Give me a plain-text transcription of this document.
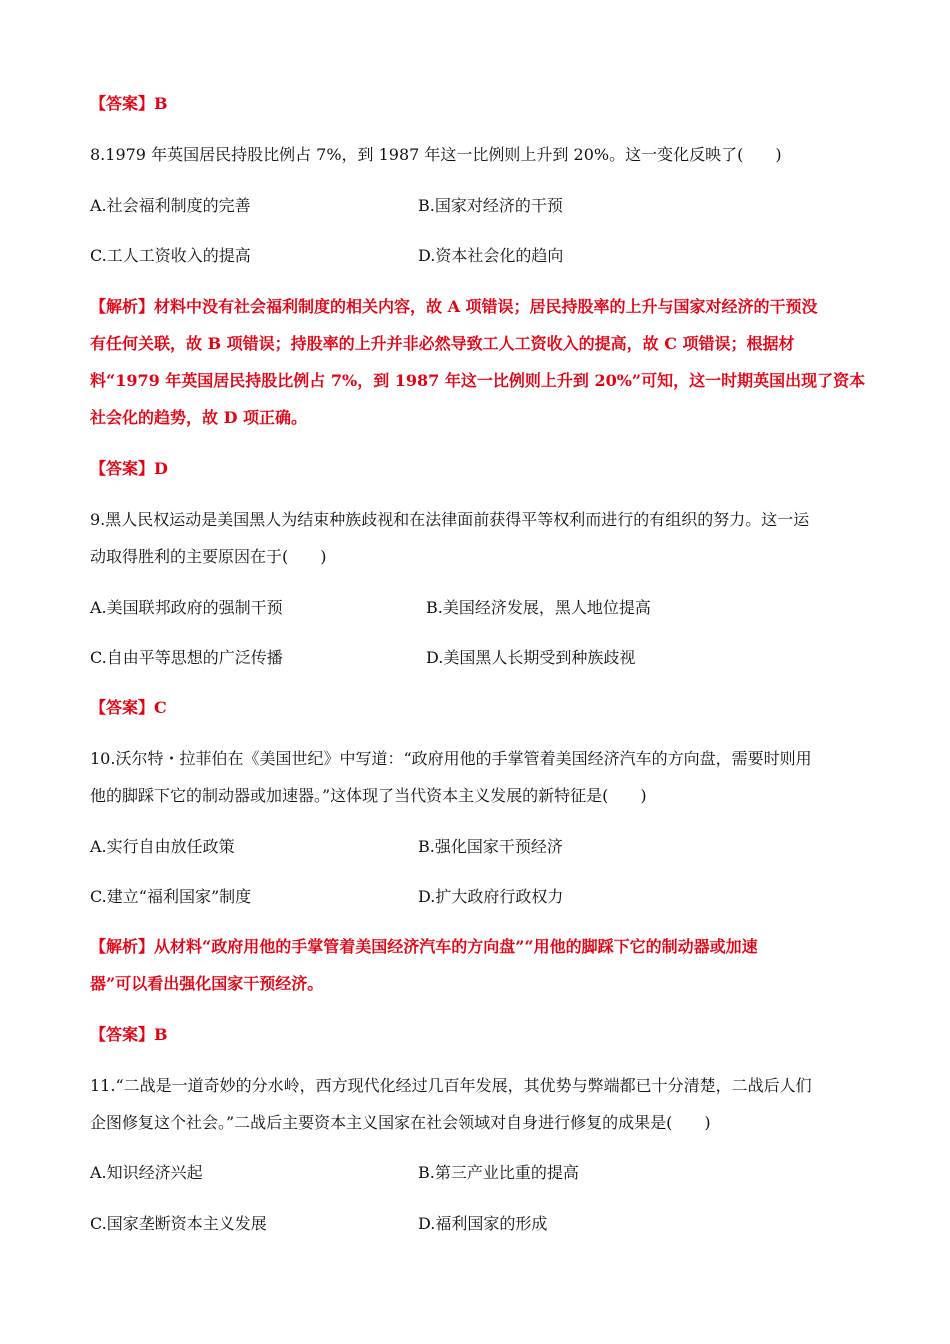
【答案】B
8.1979 年英国居民持股比例占 7%，到 1987 年这一比例则上升到 20%。这一变化反映了(　　)
A.社会福利制度的完善	B.国家对经济的干预
C.工人工资收入的提高	D.资本社会化的趋向
【解析】材料中没有社会福利制度的相关内容，故 A 项错误；居民持股率的上升与国家对经济的干预没
有任何关联，故 B 项错误；持股率的上升并非必然导致工人工资收入的提高，故 C 项错误；根据材
料“1979 年英国居民持股比例占 7%，到 1987 年这一比例则上升到 20%”可知，这一时期英国出现了资本
社会化的趋势，故 D 项正确。
【答案】D
9.黑人民权运动是美国黑人为结束种族歧视和在法律面前获得平等权利而进行的有组织的努力。这一运
动取得胜利的主要原因在于(　　)
A.美国联邦政府的强制干预	B.美国经济发展，黑人地位提高
C.自由平等思想的广泛传播	D.美国黑人长期受到种族歧视
【答案】C
10.沃尔特・拉菲伯在《美国世纪》中写道：“政府用他的手掌管着美国经济汽车的方向盘，需要时则用
他的脚踩下它的制动器或加速器。”这体现了当代资本主义发展的新特征是(　　)
A.实行自由放任政策	B.强化国家干预经济
C.建立“福利国家”制度	D.扩大政府行政权力
【解析】从材料“政府用他的手掌管着美国经济汽车的方向盘”“用他的脚踩下它的制动器或加速
器”可以看出强化国家干预经济。
【答案】B
11.“二战是一道奇妙的分水岭，西方现代化经过几百年发展，其优势与弊端都已十分清楚，二战后人们
企图修复这个社会。”二战后主要资本主义国家在社会领域对自身进行修复的成果是(　　)
A.知识经济兴起	B.第三产业比重的提高
C.国家垄断资本主义发展	D.福利国家的形成
